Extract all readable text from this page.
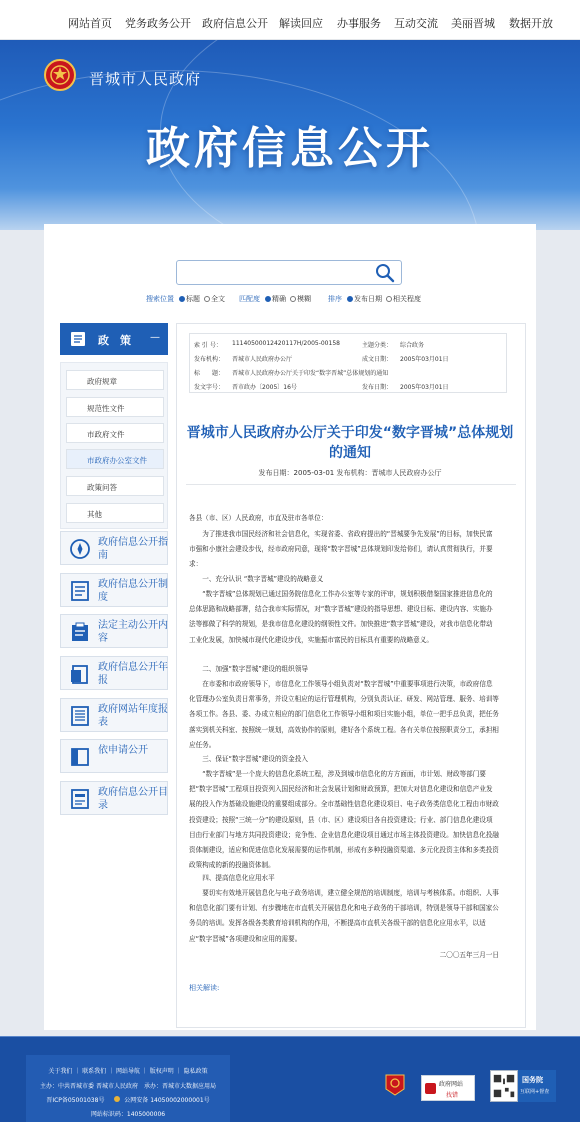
网站首页 党务政务公开 政府信息公开 解读回应 办事服务 互动交流 美丽晋城 数据开放
晋城市人民政府
政府信息公开
搜索位置 标题 全文 匹配度 精确 模糊 排序 发布日期 相关程度
政　策 —
政府规章
规范性文件
市政府文件
市政府办公室文件
政策问答
其他
政府信息公开指南
政府信息公开制度
法定主动公开内容
政府信息公开年报
政府网站年度报表
依申请公开
政府信息公开目录
索 引 号： 11140500012420117H/2005-00158	主题分类： 综合政务
发布机构： 晋城市人民政府办公厅	成文日期： 2005年03月01日
标　　题： 晋城市人民政府办公厅关于印发“数字晋城”总体规划的通知
发文字号： 晋市政办〔2005〕16号	发布日期： 2005年03月01日
晋城市人民政府办公厅关于印发“数字晋城”总体规划的通知
发布日期：2005-03-01 发布机构：晋城市人民政府办公厅
各县（市、区）人民政府，市直及驻市各单位：
为了推进我市国民经济和社会信息化，实现省委、省政府提出的“晋城要争先发展”的目标，加快民富市强和小康社会建设步伐，经市政府同意，现将“数字晋城”总体规划印发给你们，请认真贯彻执行，并要求：
一、充分认识 “数字晋城”建设的战略意义
“数字晋城”总体规划已通过国务院信息化工作办公室等专家的评审，规划积极借鉴国家推进信息化的总体思路和战略部署，结合我市实际情况，对“数字晋城”建设的指导思想、建设目标、建设内容、实施办法等都做了科学的规划，是我市信息化建设的纲领性文件。加快推进“数字晋城”建设，对我市信息化带动工业化发展，加快城市现代化建设步伐，实施振市富民的目标具有重要的战略意义。
二、加强“数字晋城”建设的组织领导
在市委和市政府领导下，市信息化工作领导小组负责对“数字晋城”中重要事项进行决策，市政府信息化管理办公室负责日常事务，并设立相应的运行管理机构，分别负责认证、研发、网站管理、服务、培训等各项工作。各县、委、办成立相应的部门信息化工作领导小组和项目实施小组，单位一把手总负责，把任务落实到机关科室、按照统一规划，高效协作的原则，建好各个系统工程。各有关单位按照职责分工，承担相应任务。
三、保证“数字晋城”建设的资金投入
“数字晋城”是一个庞大的信息化系统工程，涉及到城市信息化的方方面面，市计划、财政等部门要把“数字晋城”工程项目投资列入国民经济和社会发展计划和财政预算，把加大对信息化建设和信息产业发展的投入作为基础设施建设的重要组成部分。全市基础性信息化建设项目、电子政务类信息化工程由市财政投资建设；按照“三统一分”的建设原则，县（市、区）建设项目各自投资建设；行业、部门信息化建设项目由行业部门与地方共同投资建设；竞争性、企业信息化建设项目通过市场主体投资建设。加快信息化投融资体制建设，适应和促进信息化发展需要的运作机制，形成有多种投融资渠道、多元化投资主体和多类投资政策构成的新的投融资体制。
四、提高信息化应用水平
要切实有效地开展信息化与电子政务培训，建立健全规范的培训制度，培训与考核体系。市组织、人事和信息化部门要有计划、有步骤地在市直机关开展信息化和电子政务的干部培训，特别是领导干部和国家公务员的培训。发挥各级各类教育培训机构的作用，不断提高市直机关各级干部的信息化应用水平，以适应“数字晋城”各项建设和应用的需要。
二〇〇五年三月一日
相关解读:
关于我们 ｜ 联系我们 ｜ 网站导航 ｜ 版权声明 ｜ 隐私政策
主办：中共晋城市委 晋城市人民政府　承办：晋城市大数据应用局
晋ICP备05001038号	公网安备 14050002000001号
网站标识码：1405000006
政府网站
找错
国务院
互联网+督查
